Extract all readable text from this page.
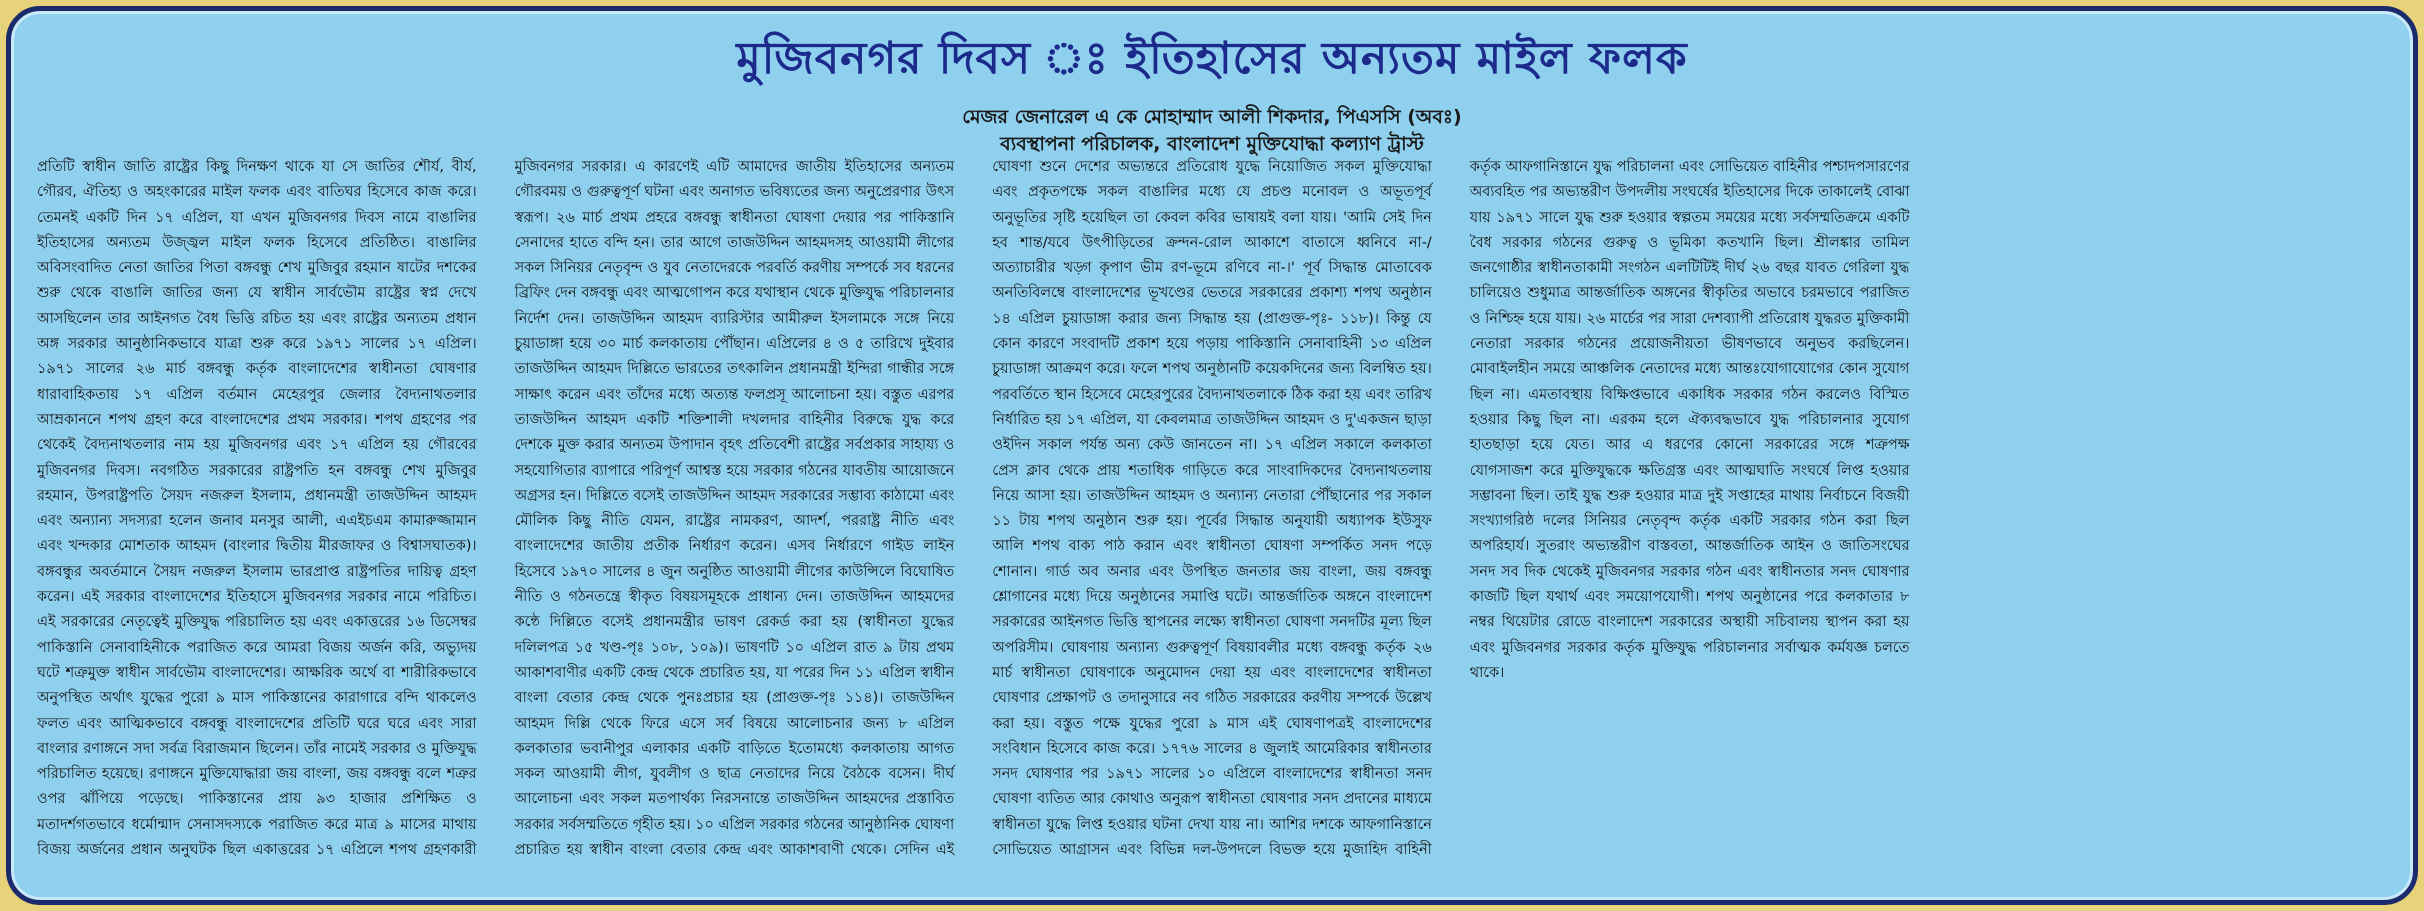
মুজিবনগর দিবস ঃ ইতিহাসের অন্যতম মাইল ফলক
মেজর জেনারেল এ কে মোহাম্মাদ আলী শিকদার, পিএসসি (অবঃ)
ব্যবস্থাপনা পরিচালক, বাংলাদেশ মুক্তিযোদ্ধা কল্যাণ ট্রাস্ট

প্রতিটি স্বাধীন জাতি রাষ্ট্রের কিছু দিনক্ষণ থাকে যা সে জাতির শৌর্য, বীর্য, গৌরব, ঐতিহ্য ও অহংকারের মাইল ফলক এবং বাতিঘর হিসেবে কাজ করে। তেমনই একটি দিন ১৭ এপ্রিল, যা এখন মুজিবনগর দিবস নামে বাঙালির ইতিহাসের অন্যতম উজ্জ্বল মাইল ফলক হিসেবে প্রতিষ্ঠিত। বাঙালির অবিসংবাদিত নেতা জাতির পিতা বঙ্গবন্ধু শেখ মুজিবুর রহমান ষাটের দশকের শুরু থেকে বাঙালি জাতির জন্য যে স্বাধীন সার্বভৌম রাষ্ট্রের স্বপ্ন দেখে আসছিলেন তার আইনগত বৈধ ভিত্তি রচিত হয় এবং রাষ্ট্রের অন্যতম প্রধান অঙ্গ সরকার আনুষ্ঠানিকভাবে যাত্রা শুরু করে ১৯৭১ সালের ১৭ এপ্রিল। ১৯৭১ সালের ২৬ মার্চ বঙ্গবন্ধু কর্তৃক বাংলাদেশের স্বাধীনতা ঘোষণার ধারাবাহিকতায় ১৭ এপ্রিল বর্তমান মেহেরপুর জেলার বৈদ্যনাথতলার আম্রকাননে শপথ গ্রহণ করে বাংলাদেশের প্রথম সরকার। শপথ গ্রহণের পর থেকেই বৈদ্যনাথতলার নাম হয় মুজিবনগর এবং ১৭ এপ্রিল হয় গৌরবের মুজিবনগর দিবস। নবগঠিত সরকারের রাষ্ট্রপতি হন বঙ্গবন্ধু শেখ মুজিবুর রহমান, উপরাষ্ট্রপতি সৈয়দ নজরুল ইসলাম, প্রধানমন্ত্রী তাজউদ্দিন আহমদ এবং অন্যান্য সদস্যরা হলেন জনাব মনসুর আলী, এএইচএম কামারুজ্জামান এবং খন্দকার মোশতাক আহমদ (বাংলার দ্বিতীয় মীরজাফর ও বিশ্বাসঘাতক)। বঙ্গবন্ধুর অবর্তমানে সৈয়দ নজরুল ইসলাম ভারপ্রাপ্ত রাষ্ট্রপতির দায়িত্ব গ্রহণ করেন। এই সরকার বাংলাদেশের ইতিহাসে মুজিবনগর সরকার নামে পরিচিত। এই সরকারের নেতৃত্বেই মুক্তিযুদ্ধ পরিচালিত হয় এবং একাত্তরের ১৬ ডিসেম্বর পাকিস্তানি সেনাবাহিনীকে পরাজিত করে আমরা বিজয় অর্জন করি, অভ্যুদয় ঘটে শত্রুমুক্ত স্বাধীন সার্বভৌম বাংলাদেশের। আক্ষরিক অর্থে বা শারীরিকভাবে অনুপস্থিত অর্থাৎ যুদ্ধের পুরো ৯ মাস পাকিস্তানের কারাগারে বন্দি থাকলেও ফলত এবং আত্মিকভাবে বঙ্গবন্ধু বাংলাদেশের প্রতিটি ঘরে ঘরে এবং সারা বাংলার রণাঙ্গনে সদা সর্বত্র বিরাজমান ছিলেন। তাঁর নামেই সরকার ও মুক্তিযুদ্ধ পরিচালিত হয়েছে। রণাঙ্গনে মুক্তিযোদ্ধারা জয় বাংলা, জয় বঙ্গবন্ধু বলে শত্রুর ওপর ঝাঁপিয়ে পড়েছে। পাকিস্তানের প্রায় ৯৩ হাজার প্রশিক্ষিত ও মতাদর্শগতভাবে ধর্মোন্মাদ সেনাসদস্যকে পরাজিত করে মাত্র ৯ মাসের মাথায় বিজয় অর্জনের প্রধান অনুঘটক ছিল একাত্তরের ১৭ এপ্রিলে শপথ গ্রহণকারী মুজিবনগর সরকার। এ কারণেই এটি আমাদের জাতীয় ইতিহাসের অন্যতম গৌরবময় ও গুরুত্বপূর্ণ ঘটনা এবং অনাগত ভবিষ্যতের জন্য অনুপ্রেরণার উৎস স্বরূপ। ২৬ মার্চ প্রথম প্রহরে বঙ্গবন্ধু স্বাধীনতা ঘোষণা দেয়ার পর পাকিস্তানি সেনাদের হাতে বন্দি হন। তার আগে তাজউদ্দিন আহমদসহ আওয়ামী লীগের সকল সিনিয়র নেতৃবৃন্দ ও যুব নেতাদেরকে পরবর্তি করণীয় সম্পর্কে সব ধরনের ব্রিফিং দেন বঙ্গবন্ধু এবং আত্মগোপন করে যথাস্থান থেকে মুক্তিযুদ্ধ পরিচালনার নির্দেশ দেন। তাজউদ্দিন আহমদ ব্যারিস্টার আমীরুল ইসলামকে সঙ্গে নিয়ে চুয়াডাঙ্গা হয়ে ৩০ মার্চ কলকাতায় পৌঁছান। এপ্রিলের ৪ ও ৫ তারিখে দুইবার তাজউদ্দিন আহমদ দিল্লিতে ভারতের তৎকালিন প্রধানমন্ত্রী ইন্দিরা গান্ধীর সঙ্গে সাক্ষাৎ করেন এবং তাঁদের মধ্যে অত্যন্ত ফলপ্রসূ আলোচনা হয়। বস্তুত এরপর তাজউদ্দিন আহমদ একটি শক্তিশালী দখলদার বাহিনীর বিরুদ্ধে যুদ্ধ করে দেশকে মুক্ত করার অন্যতম উপাদান বৃহৎ প্রতিবেশী রাষ্ট্রের সর্বপ্রকার সাহায্য ও সহযোগিতার ব্যাপারে পরিপূর্ণ আশ্বস্ত হয়ে সরকার গঠনের যাবতীয় আয়োজনে অগ্রসর হন। দিল্লিতে বসেই তাজউদ্দিন আহমদ সরকারের সম্ভাব্য কাঠামো এবং মৌলিক কিছু নীতি যেমন, রাষ্ট্রের নামকরণ, আদর্শ, পররাষ্ট্র নীতি এবং বাংলাদেশের জাতীয় প্রতীক নির্ধারণ করেন। এসব নির্ধারণে গাইড লাইন হিসেবে ১৯৭০ সালের ৪ জুন অনুষ্ঠিত আওয়ামী লীগের কাউন্সিলে বিঘোষিত নীতি ও গঠনতন্ত্রে স্বীকৃত বিষয়সমূহকে প্রাধান্য দেন। তাজউদ্দিন আহমদের কন্ঠে দিল্লিতে বসেই প্রধানমন্ত্রীর ভাষণ রেকর্ড করা হয় (স্বাধীনতা যুদ্ধের দলিলপত্র ১৫ খণ্ড-পৃঃ ১০৮, ১০৯)। ভাষণটি ১০ এপ্রিল রাত ৯ টায় প্রথম আকাশবাণীর একটি কেন্দ্র থেকে প্রচারিত হয়, যা পরের দিন ১১ এপ্রিল স্বাধীন বাংলা বেতার কেন্দ্র থেকে পুনঃপ্রচার হয় (প্রাগুক্ত-পৃঃ ১১৪)। তাজউদ্দিন আহমদ দিল্লি থেকে ফিরে এসে সর্ব বিষয়ে আলোচনার জন্য ৮ এপ্রিল কলকাতার ভবানীপুর এলাকার একটি বাড়িতে ইতোমধ্যে কলকাতায় আগত সকল আওয়ামী লীগ, যুবলীগ ও ছাত্র নেতাদের নিয়ে বৈঠকে বসেন। দীর্ঘ আলোচনা এবং সকল মতপার্থক্য নিরসনান্তে তাজউদ্দিন আহমদের প্রস্তাবিত সরকার সর্বসম্মতিতে গৃহীত হয়। ১০ এপ্রিল সরকার গঠনের আনুষ্ঠানিক ঘোষণা প্রচারিত হয় স্বাধীন বাংলা বেতার কেন্দ্র এবং আকাশবাণী থেকে। সেদিন এই ঘোষণা শুনে দেশের অভ্যন্তরে প্রতিরোধ যুদ্ধে নিয়োজিত সকল মুক্তিযোদ্ধা এবং প্রকৃতপক্ষে সকল বাঙালির মধ্যে যে প্রচণ্ড মনোবল ও অভূতপূর্ব অনুভূতির সৃষ্টি হয়েছিল তা কেবল কবির ভাষায়ই বলা যায়। 'আমি সেই দিন হব শান্ত/যবে উৎপীড়িতের ক্রন্দন-রোল আকাশে বাতাসে ধ্বনিবে না-/ অত্যাচারীর খড়্গ কৃপাণ ভীম রণ-ভূমে রণিবে না-।' পূর্ব সিদ্ধান্ত মোতাবেক অনতিবিলম্বে বাংলাদেশের ভূখণ্ডের ভেতরে সরকারের প্রকাশ্য শপথ অনুষ্ঠান ১৪ এপ্রিল চুয়াডাঙ্গা করার জন্য সিদ্ধান্ত হয় (প্রাগুক্ত-পৃঃ- ১১৮)। কিন্তু যে কোন কারণে সংবাদটি প্রকাশ হয়ে পড়ায় পাকিস্তানি সেনাবাহিনী ১৩ এপ্রিল চুয়াডাঙ্গা আক্রমণ করে। ফলে শপথ অনুষ্ঠানটি কয়েকদিনের জন্য বিলম্বিত হয়। পরবর্তিতে স্থান হিসেবে মেহেরপুরের বৈদ্যনাথতলাকে ঠিক করা হয় এবং তারিখ নির্ধারিত হয় ১৭ এপ্রিল, যা কেবলমাত্র তাজউদ্দিন আহমদ ও দু'একজন ছাড়া ওইদিন সকাল পর্যন্ত অন্য কেউ জানতেন না। ১৭ এপ্রিল সকালে কলকাতা প্রেস ক্লাব থেকে প্রায় শতাধিক গাড়িতে করে সাংবাদিকদের বৈদ্যনাথতলায় নিয়ে আসা হয়। তাজউদ্দিন আহমদ ও অন্যান্য নেতারা পৌঁছানোর পর সকাল ১১ টায় শপথ অনুষ্ঠান শুরু হয়। পূর্বের সিদ্ধান্ত অনুযায়ী অধ্যাপক ইউসুফ আলি শপথ বাক্য পাঠ করান এবং স্বাধীনতা ঘোষণা সম্পর্কিত সনদ পড়ে শোনান। গার্ড অব অনার এবং উপস্থিত জনতার জয় বাংলা, জয় বঙ্গবন্ধু শ্লোগানের মধ্যে দিয়ে অনুষ্ঠানের সমাপ্তি ঘটে। আন্তর্জাতিক অঙ্গনে বাংলাদেশ সরকারের আইনগত ভিত্তি স্থাপনের লক্ষ্যে স্বাধীনতা ঘোষণা সনদটির মূল্য ছিল অপরিসীম। ঘোষণায় অন্যান্য গুরুত্বপূর্ণ বিষয়াবলীর মধ্যে বঙ্গবন্ধু কর্তৃক ২৬ মার্চ স্বাধীনতা ঘোষণাকে অনুমোদন দেয়া হয় এবং বাংলাদেশের স্বাধীনতা ঘোষণার প্রেক্ষাপট ও তদানুসারে নব গঠিত সরকারের করণীয় সম্পর্কে উল্লেখ করা হয়। বস্তুত পক্ষে যুদ্ধের পুরো ৯ মাস এই ঘোষণাপত্রই বাংলাদেশের সংবিধান হিসেবে কাজ করে। ১৭৭৬ সালের ৪ জুলাই আমেরিকার স্বাধীনতার সনদ ঘোষণার পর ১৯৭১ সালের ১০ এপ্রিলে বাংলাদেশের স্বাধীনতা সনদ ঘোষণা ব্যতিত আর কোথাও অনুরূপ স্বাধীনতা ঘোষণার সনদ প্রদানের মাধ্যমে স্বাধীনতা যুদ্ধে লিপ্ত হওয়ার ঘটনা দেখা যায় না। আশির দশকে আফগানিস্তানে সোভিয়েত আগ্রাসন এবং বিভিন্ন দল-উপদলে বিভক্ত হয়ে মুজাহিদ বাহিনী কর্তৃক আফগানিস্তানে যুদ্ধ পরিচালনা এবং সোভিয়েত বাহিনীর পশ্চাদপসারণের অব্যবহিত পর অভ্যন্তরীণ উপদলীয় সংঘর্ষের ইতিহাসের দিকে তাকালেই বোঝা যায় ১৯৭১ সালে যুদ্ধ শুরু হওয়ার স্বল্পতম সময়ের মধ্যে সর্বসম্মতিক্রমে একটি বৈধ সরকার গঠনের গুরুত্ব ও ভূমিকা কতখানি ছিল। শ্রীলঙ্কার তামিল জনগোষ্ঠীর স্বাধীনতাকামী সংগঠন এলটিটিই দীর্ঘ ২৬ বছর যাবত গেরিলা যুদ্ধ চালিয়েও শুধুমাত্র আন্তর্জাতিক অঙ্গনের স্বীকৃতির অভাবে চরমভাবে পরাজিত ও নিশ্চিহ্ন হয়ে যায়। ২৬ মার্চের পর সারা দেশব্যাপী প্রতিরোধ যুদ্ধরত মুক্তিকামী নেতারা সরকার গঠনের প্রয়োজনীয়তা ভীষণভাবে অনুভব করছিলেন। মোবাইলহীন সময়ে আঞ্চলিক নেতাদের মধ্যে আন্তঃযোগাযোগের কোন সুযোগ ছিল না। এমতাবস্থায় বিক্ষিপ্তভাবে একাধিক সরকার গঠন করলেও বিস্মিত হওয়ার কিছু ছিল না। এরকম হলে ঐক্যবদ্ধভাবে যুদ্ধ পরিচালনার সুযোগ হাতছাড়া হয়ে যেত। আর এ ধরণের কোনো সরকারের সঙ্গে শত্রুপক্ষ যোগসাজশ করে মুক্তিযুদ্ধকে ক্ষতিগ্রস্ত এবং আত্মঘাতি সংঘর্ষে লিপ্ত হওয়ার সম্ভাবনা ছিল। তাই যুদ্ধ শুরু হওয়ার মাত্র দুই সপ্তাহের মাথায় নির্বাচনে বিজয়ী সংখ্যাগরিষ্ঠ দলের সিনিয়র নেতৃবৃন্দ কর্তৃক একটি সরকার গঠন করা ছিল অপরিহার্য। সুতরাং অভ্যন্তরীণ বাস্তবতা, আন্তর্জাতিক আইন ও জাতিসংঘের সনদ সব দিক থেকেই মুজিবনগর সরকার গঠন এবং স্বাধীনতার সনদ ঘোষণার কাজটি ছিল যথার্থ এবং সময়োপযোগী। শপথ অনুষ্ঠানের পরে কলকাতার ৮ নম্বর থিয়েটার রোডে বাংলাদেশ সরকারের অস্থায়ী সচিবালয় স্থাপন করা হয় এবং মুজিবনগর সরকার কর্তৃক মুক্তিযুদ্ধ পরিচালনার সর্বাত্মক কর্মযজ্ঞ চলতে থাকে।
